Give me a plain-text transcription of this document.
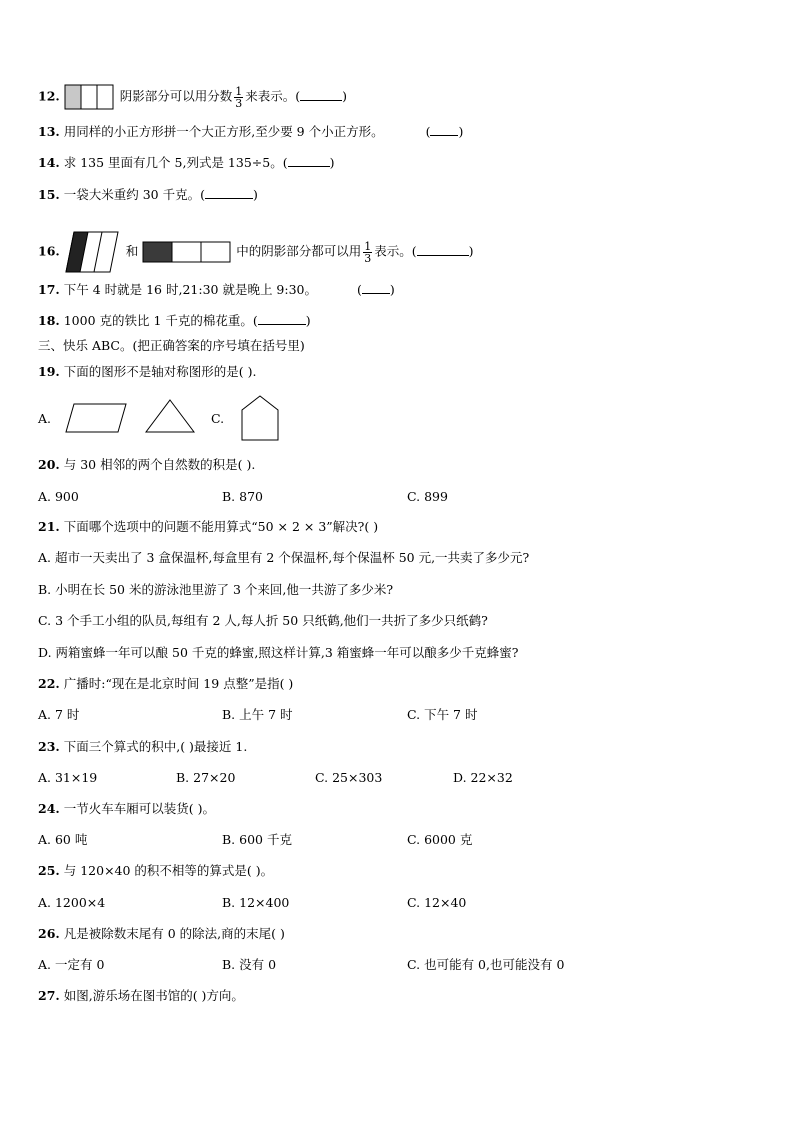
12.	阴影部分可以用分数 $\frac{1}{3}$ 来表示。(	)
13. 用同样的小正方形拼一个大正方形,至少要 9 个小正方形。	( )
14. 求 135 里面有几个 5,列式是 135÷5。(	)
15. 一袋大米重约 30 千克。(	)
16.	和	中的阴影部分都可以用 $\frac{1}{3}$ 表示。(	)
17. 下午 4 时就是 16 时,21:30 就是晚上 9:30。	( )
18. 1000 克的铁比 1 千克的棉花重。(	)
三、快乐 ABC。(把正确答案的序号填在括号里)
19. 下面的图形不是轴对称图形的是( ).
A.	C.
20. 与 30 相邻的两个自然数的积是( ).
A. 900	B. 870	C. 899
21. 下面哪个选项中的问题不能用算式“50 × 2 × 3”解决?( )
A. 超市一天卖出了 3 盒保温杯,每盒里有 2 个保温杯,每个保温杯 50 元,一共卖了多少元?
B. 小明在长 50 米的游泳池里游了 3 个来回,他一共游了多少米?
C. 3 个手工小组的队员,每组有 2 人,每人折 50 只纸鹤,他们一共折了多少只纸鹤?
D. 两箱蜜蜂一年可以酿 50 千克的蜂蜜,照这样计算,3 箱蜜蜂一年可以酿多少千克蜂蜜?
22. 广播时:“现在是北京时间 19 点整”是指( )
A. 7 时	B. 上午 7 时	C. 下午 7 时
23. 下面三个算式的积中,( )最接近 1.
A. 31×19	B. 27×20	C. 25×303	D. 22×32
24. 一节火车车厢可以装货( )。
A. 60 吨	B. 600 千克	C. 6000 克
25. 与 120×40 的积不相等的算式是( )。
A. 1200×4	B. 12×400	C. 12×40
26. 凡是被除数末尾有 0 的除法,商的末尾( )
A. 一定有 0	B. 没有 0	C. 也可能有 0,也可能没有 0
27. 如图,游乐场在图书馆的( )方向。
